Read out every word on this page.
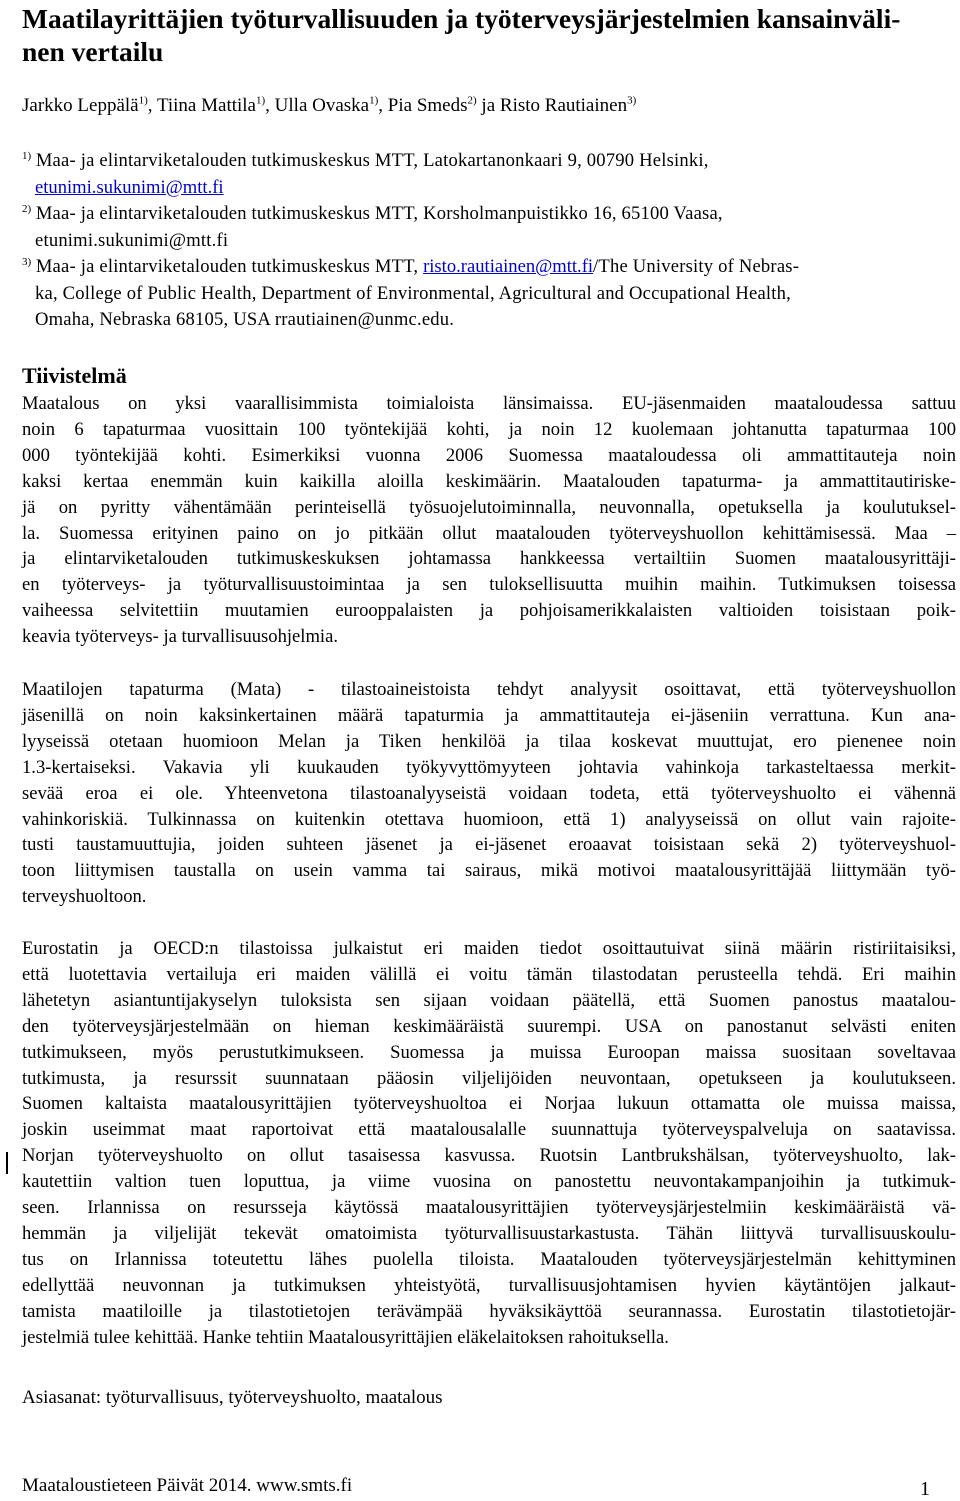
Maatilayrittäjien työturvallisuuden ja työterveysjärjestelmien kansainväli-
nen vertailu
Jarkko Leppälä$^{1)}$, Tiina Mattila$^{1)}$, Ulla Ovaska$^{1)}$, Pia Smeds$^{2)}$ ja Risto Rautiainen$^{3)}$
$^{1)}$ Maa- ja elintarviketalouden tutkimuskeskus MTT, Latokartanonkaari 9, 00790 Helsinki,
etunimi.sukunimi@mtt.fi
$^{2)}$ Maa- ja elintarviketalouden tutkimuskeskus MTT, Korsholmanpuistikko 16, 65100 Vaasa,
etunimi.sukunimi@mtt.fi
$^{3)}$ Maa- ja elintarviketalouden tutkimuskeskus MTT, risto.rautiainen@mtt.fi/The University of Nebras-
ka, College of Public Health, Department of Environmental, Agricultural and Occupational Health,
Omaha, Nebraska 68105, USA rrautiainen@unmc.edu.
Tiivistelmä
Maatalous on yksi vaarallisimmista toimialoista länsimaissa. EU-jäsenmaiden maataloudessa sattuu
noin 6 tapaturmaa vuosittain 100 työntekijää kohti, ja noin 12 kuolemaan johtanutta tapaturmaa 100
000 työntekijää kohti. Esimerkiksi vuonna 2006 Suomessa maataloudessa oli ammattitauteja noin
kaksi kertaa enemmän kuin kaikilla aloilla keskimäärin. Maatalouden tapaturma- ja ammattitautiriske-
jä on pyritty vähentämään perinteisellä työsuojelutoiminnalla, neuvonnalla, opetuksella ja koulutuksel-
la. Suomessa erityinen paino on jo pitkään ollut maatalouden työterveyshuollon kehittämisessä. Maa –
ja elintarviketalouden tutkimuskeskuksen johtamassa hankkeessa vertailtiin Suomen maatalousyrittäji-
en työterveys- ja työturvallisuustoimintaa ja sen tuloksellisuutta muihin maihin. Tutkimuksen toisessa
vaiheessa selvitettiin muutamien eurooppalaisten ja pohjoisamerikkalaisten valtioiden toisistaan poik-
keavia työterveys- ja turvallisuusohjelmia.
Maatilojen tapaturma (Mata) - tilastoaineistoista tehdyt analyysit osoittavat, että työterveyshuollon
jäsenillä on noin kaksinkertainen määrä tapaturmia ja ammattitauteja ei-jäseniin verrattuna. Kun ana-
lyyseissä otetaan huomioon Melan ja Tiken henkilöä ja tilaa koskevat muuttujat, ero pienenee noin
1.3-kertaiseksi. Vakavia yli kuukauden työkyvyttömyyteen johtavia vahinkoja tarkasteltaessa merkit-
sevää eroa ei ole. Yhteenvetona tilastoanalyyseistä voidaan todeta, että työterveyshuolto ei vähennä
vahinkoriskiä. Tulkinnassa on kuitenkin otettava huomioon, että 1) analyyseissä on ollut vain rajoite-
tusti taustamuuttujia, joiden suhteen jäsenet ja ei-jäsenet eroaavat toisistaan sekä 2) työterveyshuol-
toon liittymisen taustalla on usein vamma tai sairaus, mikä motivoi maatalousyrittäjää liittymään työ-
terveyshuoltoon.
Eurostatin ja OECD:n tilastoissa julkaistut eri maiden tiedot osoittautuivat siinä määrin ristiriitaisiksi,
että luotettavia vertailuja eri maiden välillä ei voitu tämän tilastodatan perusteella tehdä. Eri maihin
lähetetyn asiantuntijakyselyn tuloksista sen sijaan voidaan päätellä, että Suomen panostus maatalou-
den työterveysjärjestelmään on hieman keskimääräistä suurempi. USA on panostanut selvästi eniten
tutkimukseen, myös perustutkimukseen. Suomessa ja muissa Euroopan maissa suositaan soveltavaa
tutkimusta, ja resurssit suunnataan pääosin viljelijöiden neuvontaan, opetukseen ja koulutukseen.
Suomen kaltaista maatalousyrittäjien työterveyshuoltoa ei Norjaa lukuun ottamatta ole muissa maissa,
joskin useimmat maat raportoivat että maatalousalalle suunnattuja työterveyspalveluja on saatavissa.
Norjan työterveyshuolto on ollut tasaisessa kasvussa. Ruotsin Lantbrukshälsan, työterveyshuolto, lak-
kautettiin valtion tuen loputtua, ja viime vuosina on panostettu neuvontakampanjoihin ja tutkimuk-
seen. Irlannissa on resursseja käytössä maatalousyrittäjien työterveysjärjestelmiin keskimääräistä vä-
hemmän ja viljelijät tekevät omatoimista työturvallisuustarkastusta. Tähän liittyvä turvallisuuskoulu-
tus on Irlannissa toteutettu lähes puolella tiloista. Maatalouden työterveysjärjestelmän kehittyminen
edellyttää neuvonnan ja tutkimuksen yhteistyötä, turvallisuusjohtamisen hyvien käytäntöjen jalkaut-
tamista maatiloille ja tilastotietojen terävämpää hyväksikäyttöä seurannassa. Eurostatin tilastotietojär-
jestelmiä tulee kehittää. Hanke tehtiin Maatalousyrittäjien eläkelaitoksen rahoituksella.
Asiasanat: työturvallisuus, työterveyshuolto, maatalous
Maataloustieteen Päivät 2014. www.smts.fi	1
